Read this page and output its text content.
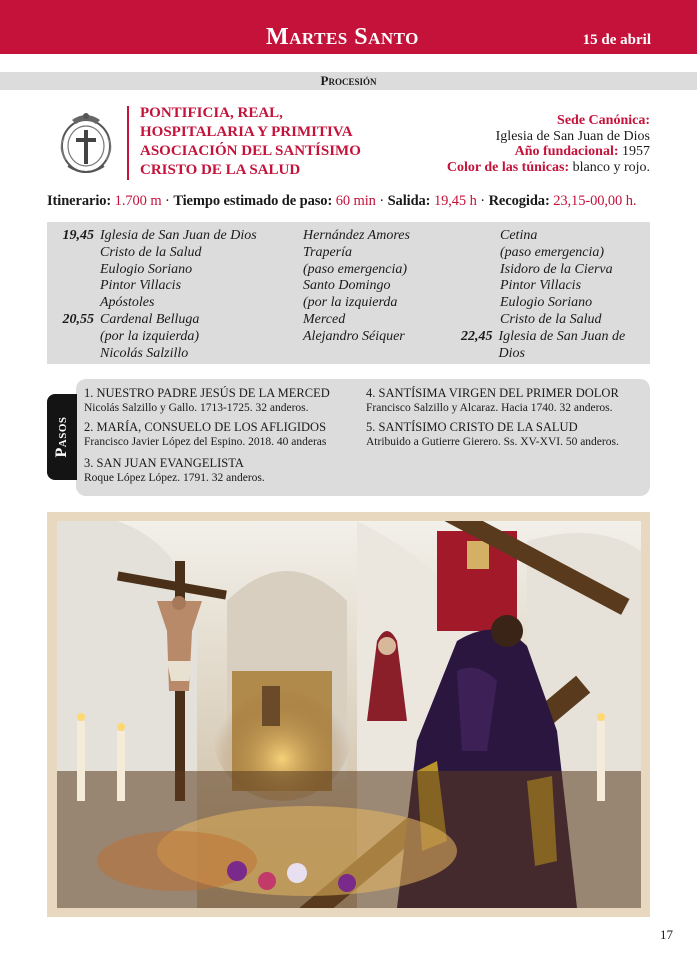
Martes Santo	15 de abril
Procesión
PONTIFICIA, REAL,
HOSPITALARIA Y PRIMITIVA
ASOCIACIÓN DEL SANTÍSIMO
CRISTO DE LA SALUD
Sede Canónica:
Iglesia de San Juan de Dios
Año fundacional: 1957
Color de las túnicas: blanco y rojo.
Itinerario: 1.700 m · Tiempo estimado de paso: 60 min · Salida: 19,45 h · Recogida: 23,15-00,00 h.
19,45 Iglesia de San Juan de Dios
Cristo de la Salud
Eulogio Soriano
Pintor Villacis
Apóstoles
20,55 Cardenal Belluga
(por la izquierda)
Nicolás Salzillo
Hernández Amores
Trapería
(paso emergencia)
Santo Domingo
(por la izquierda
Merced
Alejandro Séiquer
Cetina
(paso emergencia)
Isidoro de la Cierva
Pintor Villacis
Eulogio Soriano
Cristo de la Salud
22,45 Iglesia de San Juan de Dios
1. NUESTRO PADRE JESÚS DE LA MERCED
Nicolás Salzillo y Gallo. 1713-1725. 32 anderos.
2. MARÍA, CONSUELO DE LOS AFLIGIDOS
Francisco Javier López del Espino. 2018. 40 anderas
3. SAN JUAN EVANGELISTA
Roque López López. 1791. 32 anderos.
4. SANTÍSIMA VIRGEN DEL PRIMER DOLOR
Francisco Salzillo y Alcaraz. Hacia 1740. 32 anderos.
5. SANTÍSIMO CRISTO DE LA SALUD
Atribuido a Gutierre Gierero. Ss. XV-XVI. 50 anderos.
Pasos
17
